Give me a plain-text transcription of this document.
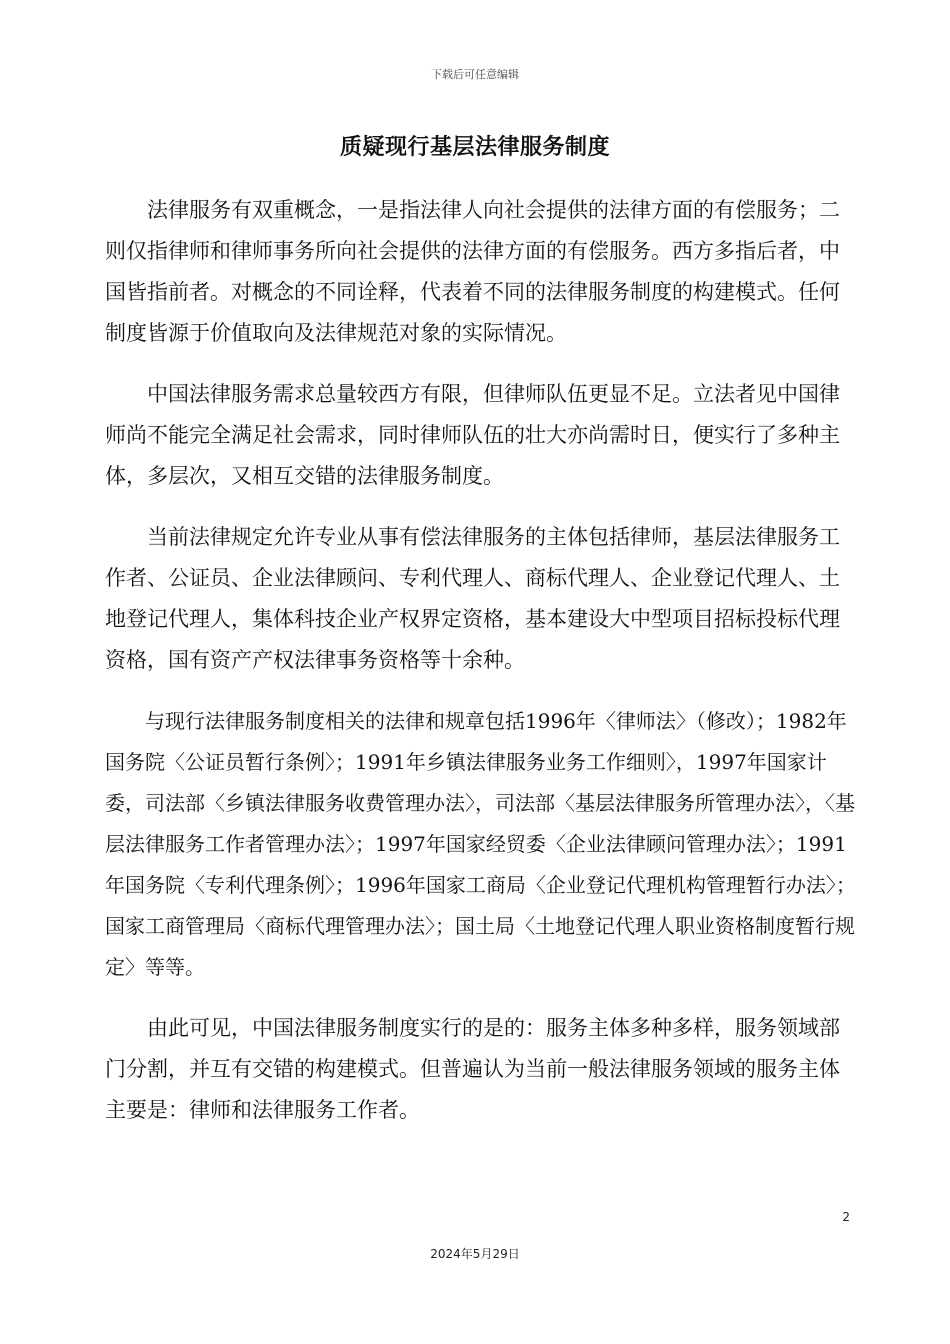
下载后可任意编辑
质疑现行基层法律服务制度

法律服务有双重概念，一是指法律人向社会提供的法律方面的有偿服务；二则仅指律师和律师事务所向社会提供的法律方面的有偿服务。西方多指后者，中国皆指前者。对概念的不同诠释，代表着不同的法律服务制度的构建模式。任何制度皆源于价值取向及法律规范对象的实际情况。

中国法律服务需求总量较西方有限，但律师队伍更显不足。立法者见中国律师尚不能完全满足社会需求，同时律师队伍的壮大亦尚需时日，便实行了多种主体，多层次，又相互交错的法律服务制度。

当前法律规定允许专业从事有偿法律服务的主体包括律师，基层法律服务工作者、公证员、企业法律顾问、专利代理人、商标代理人、企业登记代理人、土地登记代理人，集体科技企业产权界定资格，基本建设大中型项目招标投标代理资格，国有资产产权法律事务资格等十余种。

与现行法律服务制度相关的法律和规章包括1996年〈律师法〉（修改）；1982年国务院〈公证员暂行条例〉；1991年乡镇法律服务业务工作细则〉，1997年国家计委，司法部〈乡镇法律服务收费管理办法〉，司法部〈基层法律服务所管理办法〉，〈基层法律服务工作者管理办法〉；1997年国家经贸委〈企业法律顾问管理办法〉；1991年国务院〈专利代理条例〉；1996年国家工商局〈企业登记代理机构管理暂行办法〉；国家工商管理局〈商标代理管理办法〉；国土局〈土地登记代理人职业资格制度暂行规定〉等等。

由此可见，中国法律服务制度实行的是的：服务主体多种多样，服务领域部门分割，并互有交错的构建模式。但普遍认为当前一般法律服务领域的服务主体主要是：律师和法律服务工作者。

2
2024年5月29日
